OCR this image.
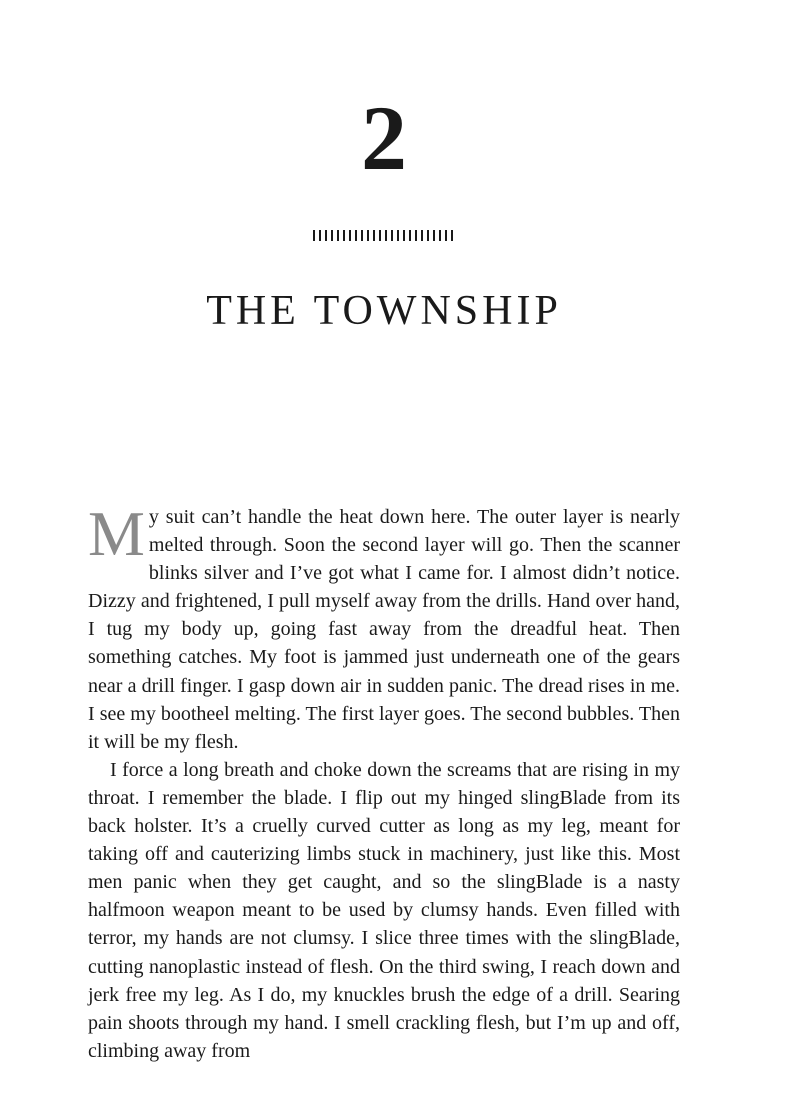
2
THE TOWNSHIP

My suit can’t handle the heat down here. The outer layer is nearly melted through. Soon the second layer will go. Then the scanner blinks silver and I’ve got what I came for. I almost didn’t notice. Dizzy and frightened, I pull myself away from the drills. Hand over hand, I tug my body up, going fast away from the dreadful heat. Then something catches. My foot is jammed just underneath one of the gears near a drill finger. I gasp down air in sudden panic. The dread rises in me. I see my bootheel melting. The first layer goes. The second bubbles. Then it will be my flesh.

I force a long breath and choke down the screams that are rising in my throat. I remember the blade. I flip out my hinged slingBlade from its back holster. It’s a cruelly curved cutter as long as my leg, meant for taking off and cauterizing limbs stuck in machinery, just like this. Most men panic when they get caught, and so the slingBlade is a nasty halfmoon weapon meant to be used by clumsy hands. Even filled with terror, my hands are not clumsy. I slice three times with the slingBlade, cutting nanoplastic instead of flesh. On the third swing, I reach down and jerk free my leg. As I do, my knuckles brush the edge of a drill. Searing pain shoots through my hand. I smell crackling flesh, but I’m up and off, climbing away from
